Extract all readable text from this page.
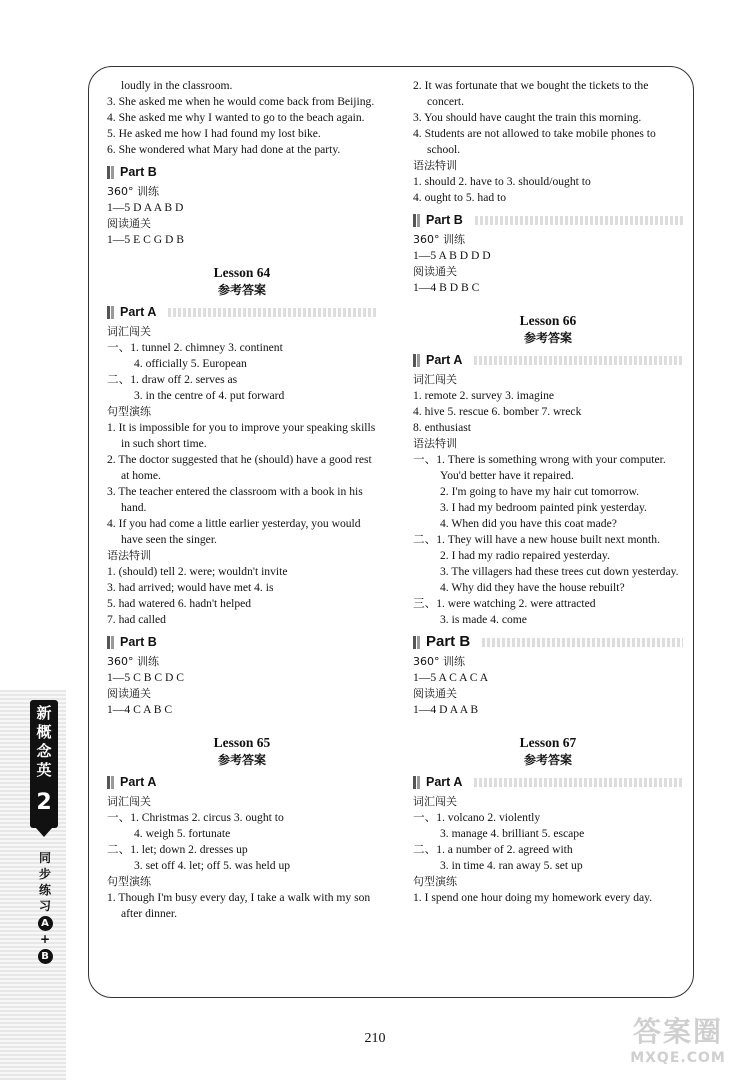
loudly in the classroom.
3. She asked me when he would come back from Beijing.
4. She asked me why I wanted to go to the beach again.
5. He asked me how I had found my lost bike.
6. She wondered what Mary had done at the party.
Part B
360° 训练
1—5 D A A B D
阅读通关
1—5 E C G D B
Lesson 64
参考答案
Part A
词汇闯关
一、1. tunnel 2. chimney 3. continent
4. officially 5. European
二、1. draw off 2. serves as
3. in the centre of 4. put forward
句型演练
1. It is impossible for you to improve your speaking skills in such short time.
2. The doctor suggested that he (should) have a good rest at home.
3. The teacher entered the classroom with a book in his hand.
4. If you had come a little earlier yesterday, you would have seen the singer.
语法特训
1. (should) tell 2. were; wouldn't invite
3. had arrived; would have met 4. is
5. had watered 6. hadn't helped
7. had called
Part B
360° 训练
1—5 C B C D C
阅读通关
1—4 C A B C
Lesson 65
参考答案
Part A
词汇闯关
一、1. Christmas 2. circus 3. ought to
4. weigh 5. fortunate
二、1. let; down 2. dresses up
3. set off 4. let; off 5. was held up
句型演练
1. Though I'm busy every day, I take a walk with my son after dinner.
2. It was fortunate that we bought the tickets to the concert.
3. You should have caught the train this morning.
4. Students are not allowed to take mobile phones to school.
语法特训
1. should 2. have to 3. should/ought to
4. ought to 5. had to
Part B
360° 训练
1—5 A B D D D
阅读通关
1—4 B D B C
Lesson 66
参考答案
Part A
词汇闯关
1. remote 2. survey 3. imagine
4. hive 5. rescue 6. bomber 7. wreck
8. enthusiast
语法特训
一、1. There is something wrong with your computer. You'd better have it repaired.
2. I'm going to have my hair cut tomorrow.
3. I had my bedroom painted pink yesterday.
4. When did you have this coat made?
二、1. They will have a new house built next month.
2. I had my radio repaired yesterday.
3. The villagers had these trees cut down yesterday.
4. Why did they have the house rebuilt?
三、1. were watching 2. were attracted
3. is made 4. come
Part B
360° 训练
1—5 A C A C A
阅读通关
1—4 D A A B
Lesson 67
参考答案
Part A
词汇闯关
一、1. volcano 2. violently
3. manage 4. brilliant 5. escape
二、1. a number of 2. agreed with
3. in time 4. ran away 5. set up
句型演练
1. I spend one hour doing my homework every day.
新
概
念
英
2
同
步
练
习
A
+
B
210	答案圈
MXQE.COM
